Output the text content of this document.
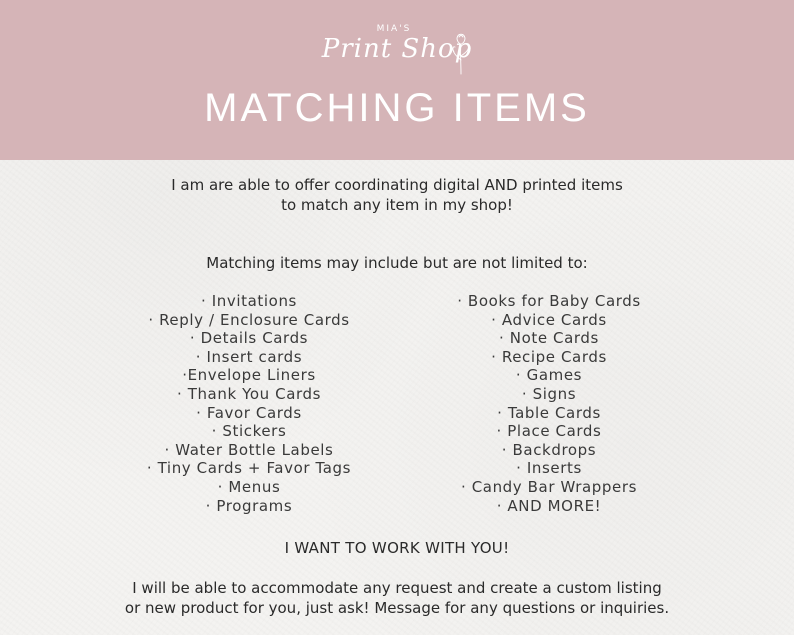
MIA'S
Print Shop
MATCHING ITEMS
I am are able to offer coordinating digital AND printed items
to match any item in my shop!
Matching items may include but are not limited to:
· Invitations
· Reply / Enclosure Cards
· Details Cards
· Insert cards
·Envelope Liners
· Thank You Cards
· Favor Cards
· Stickers
· Water Bottle Labels
· Tiny Cards + Favor Tags
· Menus
· Programs
· Books for Baby Cards
· Advice Cards
· Note Cards
· Recipe Cards
· Games
· Signs
· Table Cards
· Place Cards
· Backdrops
· Inserts
· Candy Bar Wrappers
· AND MORE!
I WANT TO WORK WITH YOU!
I will be able to accommodate any request and create a custom listing
or new product for you, just ask! Message for any questions or inquiries.
